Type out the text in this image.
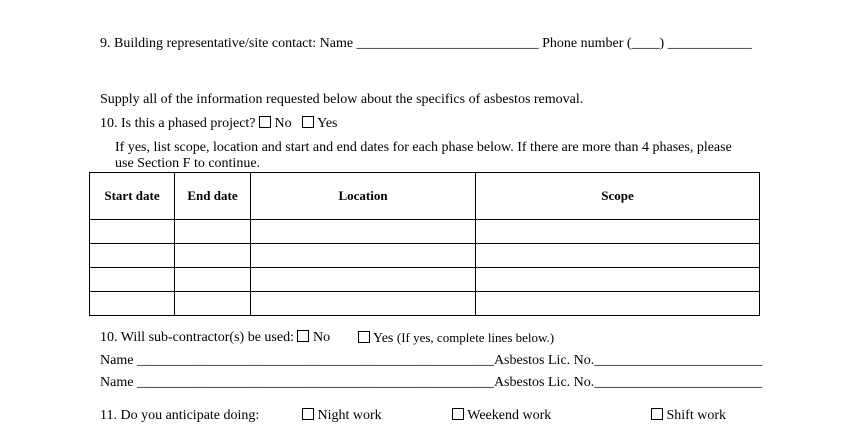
9. Building representative/site contact: Name __________________________ Phone number (____) ____________
Supply all of the information requested below about the specifics of asbestos removal.
10. Is this a phased project? No Yes
If yes, list scope, location and start and end dates for each phase below. If there are more than 4 phases, please
use Section F to continue.
Start date	End date	Location	Scope

10. Will sub-contractor(s) be used: No	Yes (If yes, complete lines below.)
Name ___________________________________________________Asbestos Lic. No.________________________
Name ___________________________________________________Asbestos Lic. No.________________________
11. Do you anticipate doing:	Night work	Weekend work	Shift work
